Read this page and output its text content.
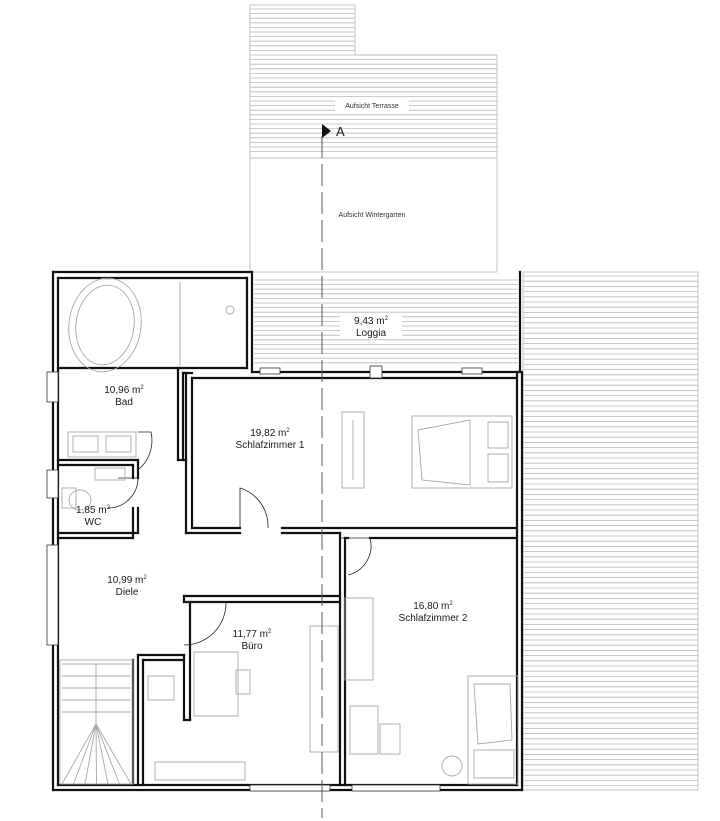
Aufsicht Terrasse
Aufsicht Wintergarten
9,43 $m^2$
Loggia
10,96 $m^2$
Bad
1,85 $m^2$
WC
19,82 $m^2$
Schlafzimmer 1
10,99 $m^2$
Diele
11,77 $m^2$
Büro
16,80 $m^2$
Schlafzimmer 2
A
